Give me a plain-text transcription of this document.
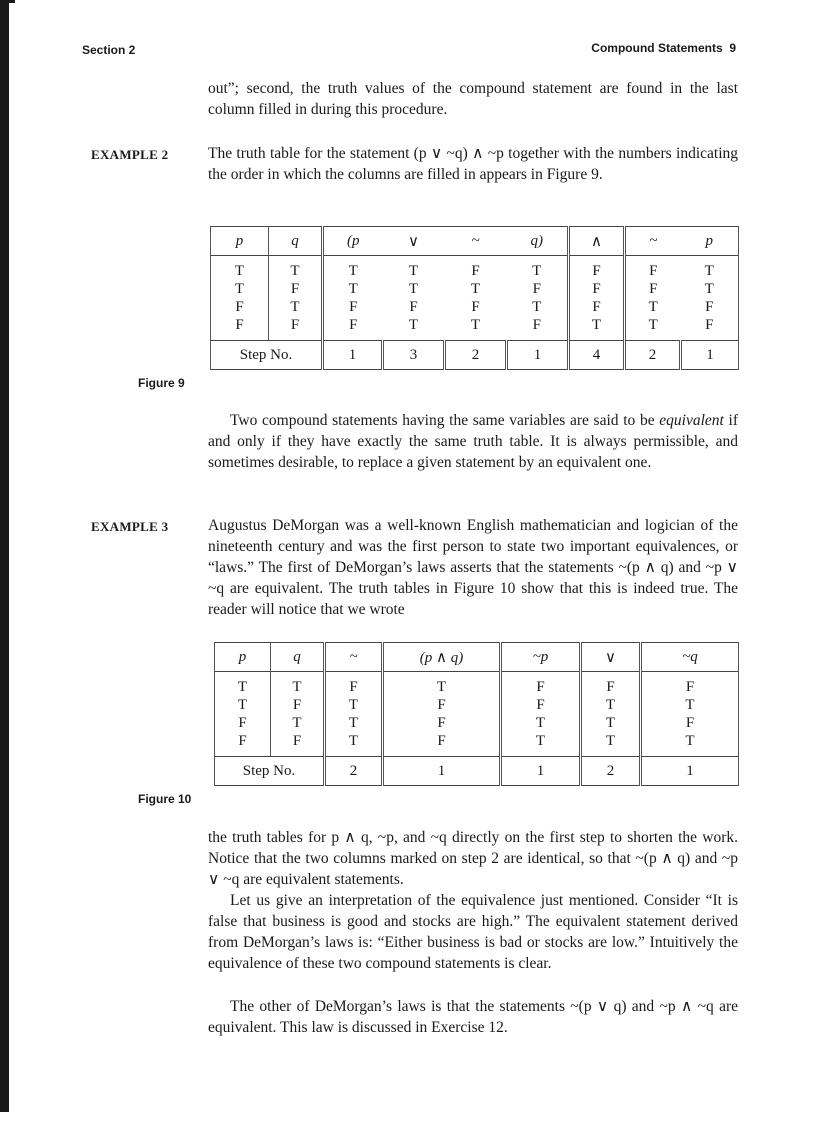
Section 2	Compound Statements 9

out”; second, the truth values of the compound statement are found in the last column filled in during this procedure.

EXAMPLE 2	The truth table for the statement (p ∨ ~q) ∧ ~p together with the numbers indicating the order in which the columns are filled in appears in Figure 9.

p	q	(p	∨	~	q)	∧	~	p
T	T	T	T	F	T	F	F	T
T	F	T	T	T	F	F	F	T
F	T	F	F	F	T	F	T	F
F	F	F	T	T	F	T	T	F
Step No.		1	3	2	1	4	2	1
Figure 9

Two compound statements having the same variables are said to be equivalent if and only if they have exactly the same truth table. It is always permissible, and sometimes desirable, to replace a given statement by an equivalent one.

EXAMPLE 3	Augustus DeMorgan was a well-known English mathematician and logician of the nineteenth century and was the first person to state two important equivalences, or “laws.” The first of DeMorgan’s laws asserts that the statements ~(p ∧ q) and ~p ∨ ~q are equivalent. The truth tables in Figure 10 show that this is indeed true. The reader will notice that we wrote

p	q	~	(p ∧ q)	~p	∨	~q
T	T	F	T	F	F	F
T	F	T	F	F	T	T
F	T	T	F	T	T	F
F	F	T	F	T	T	T
Step No.		2	1	1	2	1
Figure 10

the truth tables for p ∧ q, ~p, and ~q directly on the first step to shorten the work. Notice that the two columns marked on step 2 are identical, so that ~(p ∧ q) and ~p ∨ ~q are equivalent statements.

Let us give an interpretation of the equivalence just mentioned. Consider “It is false that business is good and stocks are high.” The equivalent statement derived from DeMorgan’s laws is: “Either business is bad or stocks are low.” Intuitively the equivalence of these two compound statements is clear.

The other of DeMorgan’s laws is that the statements ~(p ∨ q) and ~p ∧ ~q are equivalent. This law is discussed in Exercise 12.
